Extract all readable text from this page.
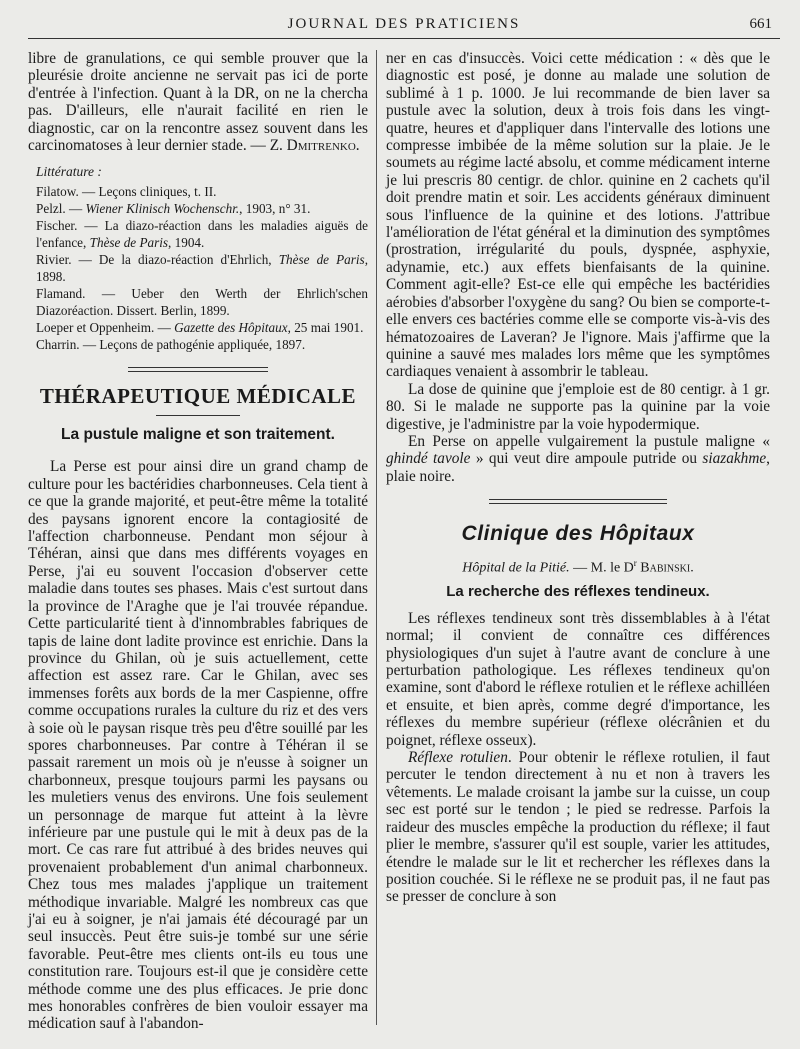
JOURNAL DES PRATICIENS	661

libre de granulations, ce qui semble prouver que la pleurésie droite ancienne ne servait pas ici de porte d'entrée à l'infection. Quant à la DR, on ne la chercha pas. D'ailleurs, elle n'aurait facilité en rien le diagnostic, car on la rencontre assez souvent dans les carcinomatoses à leur dernier stade. — Z. Dmitrenko.

Littérature :
Filatow. — Leçons cliniques, t. II.
Pelzl. — Wiener Klinisch Wochenschr., 1903, n° 31.
Fischer. — La diazo-réaction dans les maladies aiguës de l'enfance, Thèse de Paris, 1904.
Rivier. — De la diazo-réaction d'Ehrlich, Thèse de Paris, 1898.
Flamand. — Ueber den Werth der Ehrlich'schen Diazoréaction. Dissert. Berlin, 1899.
Loeper et Oppenheim. — Gazette des Hôpitaux, 25 mai 1901.
Charrin. — Leçons de pathogénie appliquée, 1897.
THÉRAPEUTIQUE MÉDICALE
La pustule maligne et son traitement.

La Perse est pour ainsi dire un grand champ de culture pour les bactéridies charbonneuses. Cela tient à ce que la grande majorité, et peut-être même la totalité des paysans ignorent encore la contagiosité de l'affection charbonneuse. Pendant mon séjour à Téhéran, ainsi que dans mes différents voyages en Perse, j'ai eu souvent l'occasion d'observer cette maladie dans toutes ses phases. Mais c'est surtout dans la province de l'Araghe que je l'ai trouvée répandue. Cette particularité tient à d'innombrables fabriques de tapis de laine dont ladite province est enrichie. Dans la province du Ghilan, où je suis actuellement, cette affection est assez rare. Car le Ghilan, avec ses immenses forêts aux bords de la mer Caspienne, offre comme occupations rurales la culture du riz et des vers à soie où le paysan risque très peu d'être souillé par les spores charbonneuses. Par contre à Téhéran il se passait rarement un mois où je n'eusse à soigner un charbonneux, presque toujours parmi les paysans ou les muletiers venus des environs. Une fois seulement un personnage de marque fut atteint à la lèvre inférieure par une pustule qui le mit à deux pas de la mort. Ce cas rare fut attribué à des brides neuves qui provenaient probablement d'un animal charbonneux. Chez tous mes malades j'applique un traitement méthodique invariable. Malgré les nombreux cas que j'ai eu à soigner, je n'ai jamais été découragé par un seul insuccès. Peut être suis-je tombé sur une série favorable. Peut-être mes clients ont-ils eu tous une constitution rare. Toujours est-il que je considère cette méthode comme une des plus efficaces. Je prie donc mes honorables confrères de bien vouloir essayer ma médication sauf à l'abandon-

ner en cas d'insuccès. Voici cette médication : « dès que le diagnostic est posé, je donne au malade une solution de sublimé à 1 p. 1000. Je lui recommande de bien laver sa pustule avec la solution, deux à trois fois dans les vingt-quatre, heures et d'appliquer dans l'intervalle des lotions une compresse imbibée de la même solution sur la plaie. Je le soumets au régime lacté absolu, et comme médicament interne je lui prescris 80 centigr. de chlor. quinine en 2 cachets qu'il doit prendre matin et soir. Les accidents généraux diminuent sous l'influence de la quinine et des lotions. J'attribue l'amélioration de l'état général et la diminution des symptômes (prostration, irrégularité du pouls, dyspnée, asphyxie, adynamie, etc.) aux effets bienfaisants de la quinine. Comment agit-elle? Est-ce elle qui empêche les bactéridies aérobies d'absorber l'oxygène du sang? Ou bien se comporte-t-elle envers ces bactéries comme elle se comporte vis-à-vis des hématozoaires de Laveran? Je l'ignore. Mais j'affirme que la quinine a sauvé mes malades lors même que les symptômes cardiaques venaient à assombrir le tableau.

La dose de quinine que j'emploie est de 80 centigr. à 1 gr. 80. Si le malade ne supporte pas la quinine par la voie digestive, je l'administre par la voie hypodermique.

En Perse on appelle vulgairement la pustule maligne « ghindé tavole » qui veut dire ampoule putride ou siazakhme, plaie noire.

Clinique des Hôpitaux
Hôpital de la Pitié. — M. le $D^r$ Babinski.
La recherche des réflexes tendineux.

Les réflexes tendineux sont très dissemblables à à l'état normal; il convient de connaître ces différences physiologiques d'un sujet à l'autre avant de conclure à une perturbation pathologique. Les réflexes tendineux qu'on examine, sont d'abord le réflexe rotulien et le réflexe achilléen et ensuite, et bien après, comme degré d'importance, les réflexes du membre supérieur (réflexe olécrânien et du poignet, réflexe osseux).

Réflexe rotulien. Pour obtenir le réflexe rotulien, il faut percuter le tendon directement à nu et non à travers les vêtements. Le malade croisant la jambe sur la cuisse, un coup sec est porté sur le tendon ; le pied se redresse. Parfois la raideur des muscles empêche la production du réflexe; il faut plier le membre, s'assurer qu'il est souple, varier les attitudes, étendre le malade sur le lit et rechercher les réflexes dans la position couchée. Si le réflexe ne se produit pas, il ne faut pas se presser de conclure à son
